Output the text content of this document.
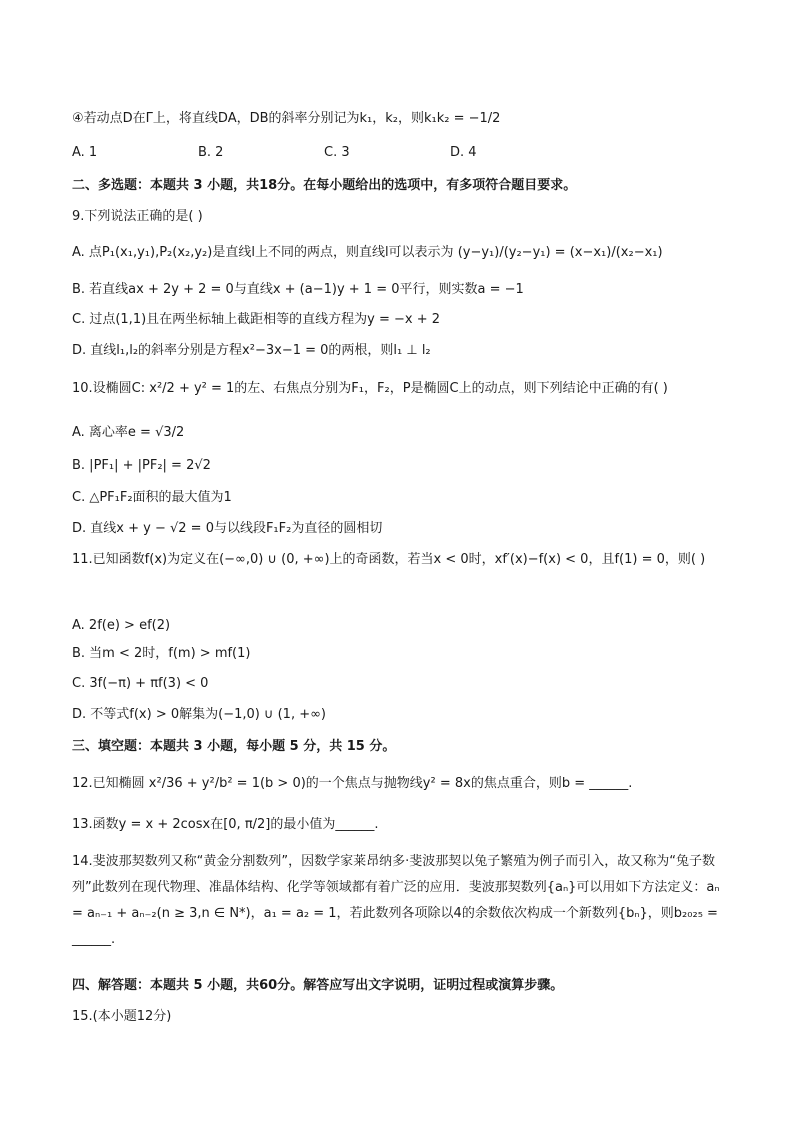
④若动点D在Γ上，将直线DA，DB的斜率分别记为k₁，k₂，则k₁k₂ = −1/2
A. 1	B. 2	C. 3	D. 4
二、多选题：本题共 3 小题，共18分。在每小题给出的选项中，有多项符合题目要求。
9.下列说法正确的是( )
A. 点P₁(x₁,y₁),P₂(x₂,y₂)是直线l上不同的两点，则直线l可以表示为 (y−y₁)/(y₂−y₁) = (x−x₁)/(x₂−x₁)
B. 若直线ax + 2y + 2 = 0与直线x + (a−1)y + 1 = 0平行，则实数a = −1
C. 过点(1,1)且在两坐标轴上截距相等的直线方程为y = −x + 2
D. 直线l₁,l₂的斜率分别是方程x²−3x−1 = 0的两根，则l₁ ⊥ l₂
10.设椭圆C: x²/2 + y² = 1的左、右焦点分别为F₁，F₂，P是椭圆C上的动点，则下列结论中正确的有( )
A. 离心率e = √3/2
B. |PF₁| + |PF₂| = 2√2
C. △PF₁F₂面积的最大值为1
D. 直线x + y − √2 = 0与以线段F₁F₂为直径的圆相切
11.已知函数f(x)为定义在(−∞,0) ∪ (0, +∞)上的奇函数，若当x < 0时，xf′(x)−f(x) < 0，且f(1) = 0，则( )
A. 2f(e) > ef(2)
B. 当m < 2时，f(m) > mf(1)
C. 3f(−π) + πf(3) < 0
D. 不等式f(x) > 0解集为(−1,0) ∪ (1, +∞)
三、填空题：本题共 3 小题，每小题 5 分，共 15 分。
12.已知椭圆 x²/36 + y²/b² = 1(b > 0)的一个焦点与抛物线y² = 8x的焦点重合，则b = ______.
13.函数y = x + 2cosx在[0, π/2]的最小值为______.
14.斐波那契数列又称“黄金分割数列”，因数学家莱昂纳多·斐波那契以兔子繁殖为例子而引入，故又称为“兔子数列”此数列在现代物理、准晶体结构、化学等领域都有着广泛的应用．斐波那契数列{aₙ}可以用如下方法定义：aₙ = aₙ₋₁ + aₙ₋₂(n ≥ 3,n ∈ N*)，a₁ = a₂ = 1，若此数列各项除以4的余数依次构成一个新数列{bₙ}，则b₂₀₂₅ = ______.
四、解答题：本题共 5 小题，共60分。解答应写出文字说明，证明过程或演算步骤。
15.(本小题12分)
